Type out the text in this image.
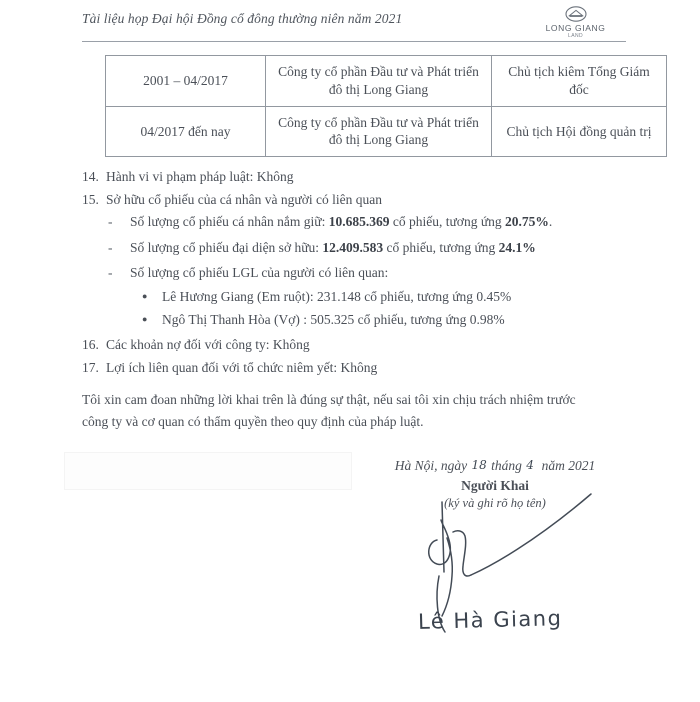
Tài liệu họp Đại hội Đồng cổ đông thường niên năm 2021
LONG GIANG
LAND
2001 – 04/2017	Công ty cổ phần Đầu tư và Phát triển đô thị Long Giang	Chủ tịch kiêm Tổng Giám đốc
04/2017 đến nay	Công ty cổ phần Đầu tư và Phát triển đô thị Long Giang	Chủ tịch Hội đồng quản trị
14. Hành vi vi phạm pháp luật: Không
15. Sở hữu cổ phiếu của cá nhân và người có liên quan
- Số lượng cổ phiếu cá nhân nắm giữ: 10.685.369 cổ phiếu, tương ứng 20.75%.
- Số lượng cổ phiếu đại diện sở hữu: 12.409.583 cổ phiếu, tương ứng 24.1%
- Số lượng cổ phiếu LGL của người có liên quan:
● Lê Hương Giang (Em ruột): 231.148 cổ phiếu, tương ứng 0.45%
● Ngô Thị Thanh Hòa (Vợ) : 505.325 cổ phiếu, tương ứng 0.98%
16. Các khoản nợ đối với công ty: Không
17. Lợi ích liên quan đối với tổ chức niêm yết: Không
Tôi xin cam đoan những lời khai trên là đúng sự thật, nếu sai tôi xin chịu trách nhiệm trước công ty và cơ quan có thẩm quyền theo quy định của pháp luật.
Hà Nội, ngày 18 tháng 4 năm 2021
Người Khai
(ký và ghi rõ họ tên)
Lê Hà Giang
